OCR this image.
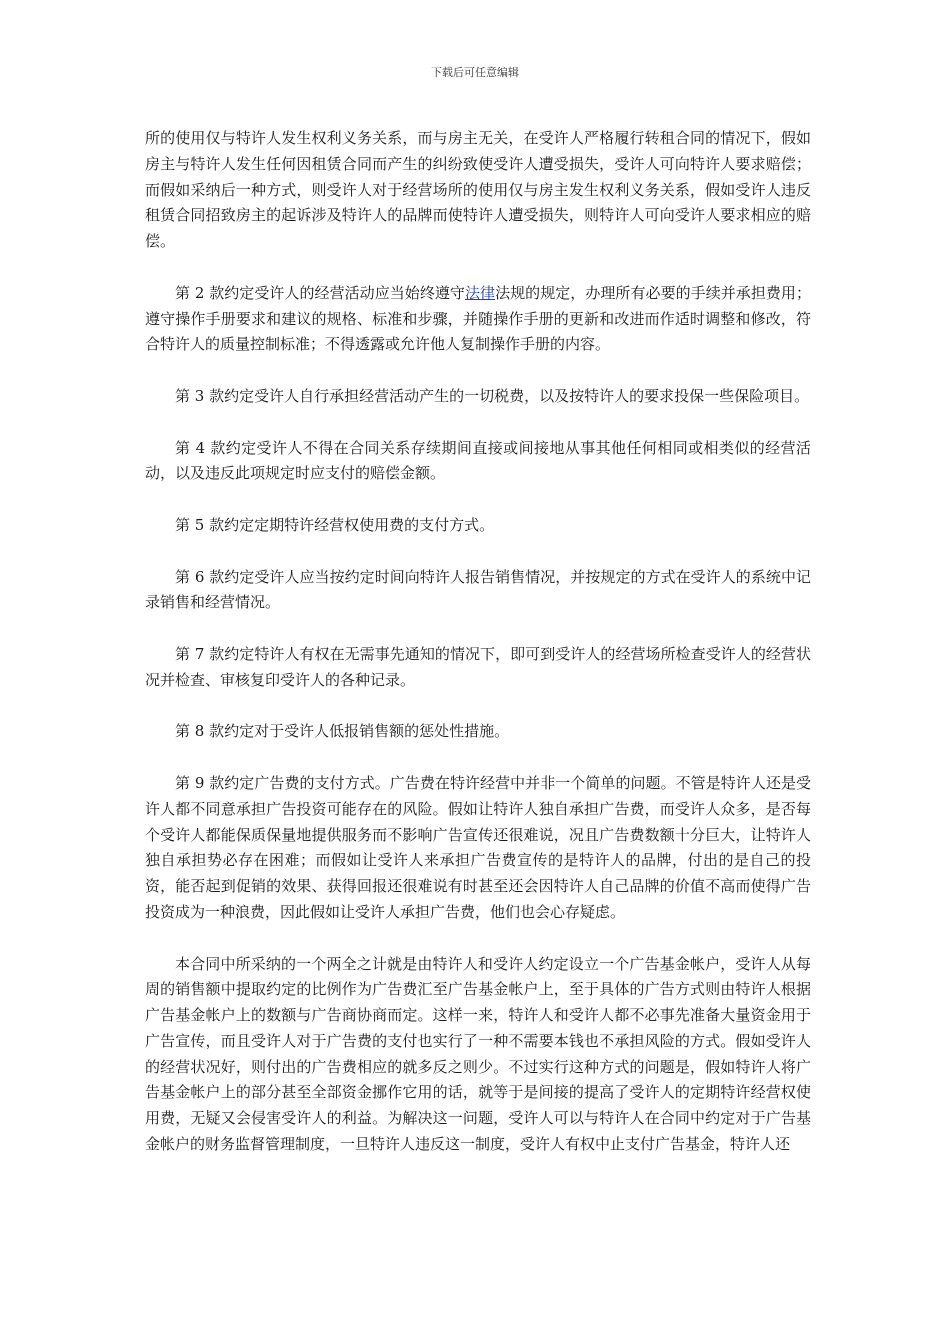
下载后可任意编辑

所的使用仅与特许人发生权利义务关系，而与房主无关，在受许人严格履行转租合同的情况下，假如房主与特许人发生任何因租赁合同而产生的纠纷致使受许人遭受损失，受许人可向特许人要求赔偿；而假如采纳后一种方式，则受许人对于经营场所的使用仅与房主发生权利义务关系，假如受许人违反租赁合同招致房主的起诉涉及特许人的品牌而使特许人遭受损失，则特许人可向受许人要求相应的赔偿。

第 2 款约定受许人的经营活动应当始终遵守法律法规的规定，办理所有必要的手续并承担费用；遵守操作手册要求和建议的规格、标准和步骤，并随操作手册的更新和改进而作适时调整和修改，符合特许人的质量控制标准；不得透露或允许他人复制操作手册的内容。

第 3 款约定受许人自行承担经营活动产生的一切税费，以及按特许人的要求投保一些保险项目。

第 4 款约定受许人不得在合同关系存续期间直接或间接地从事其他任何相同或相类似的经营活动，以及违反此项规定时应支付的赔偿金额。

第 5 款约定定期特许经营权使用费的支付方式。

第 6 款约定受许人应当按约定时间向特许人报告销售情况，并按规定的方式在受许人的系统中记录销售和经营情况。

第 7 款约定特许人有权在无需事先通知的情况下，即可到受许人的经营场所检查受许人的经营状况并检查、审核复印受许人的各种记录。

第 8 款约定对于受许人低报销售额的惩处性措施。

第 9 款约定广告费的支付方式。广告费在特许经营中并非一个简单的问题。不管是特许人还是受许人都不同意承担广告投资可能存在的风险。假如让特许人独自承担广告费，而受许人众多，是否每个受许人都能保质保量地提供服务而不影响广告宣传还很难说，况且广告费数额十分巨大，让特许人独自承担势必存在困难；而假如让受许人来承担广告费宣传的是特许人的品牌，付出的是自己的投资，能否起到促销的效果、获得回报还很难说有时甚至还会因特许人自己品牌的价值不高而使得广告投资成为一种浪费，因此假如让受许人承担广告费，他们也会心存疑虑。

本合同中所采纳的一个两全之计就是由特许人和受许人约定设立一个广告基金帐户，受许人从每周的销售额中提取约定的比例作为广告费汇至广告基金帐户上，至于具体的广告方式则由特许人根据广告基金帐户上的数额与广告商协商而定。这样一来，特许人和受许人都不必事先准备大量资金用于广告宣传，而且受许人对于广告费的支付也实行了一种不需要本钱也不承担风险的方式。假如受许人的经营状况好，则付出的广告费相应的就多反之则少。不过实行这种方式的问题是，假如特许人将广告基金帐户上的部分甚至全部资金挪作它用的话，就等于是间接的提高了受许人的定期特许经营权使用费，无疑又会侵害受许人的利益。为解决这一问题，受许人可以与特许人在合同中约定对于广告基金帐户的财务监督管理制度，一旦特许人违反这一制度，受许人有权中止支付广告基金，特许人还
